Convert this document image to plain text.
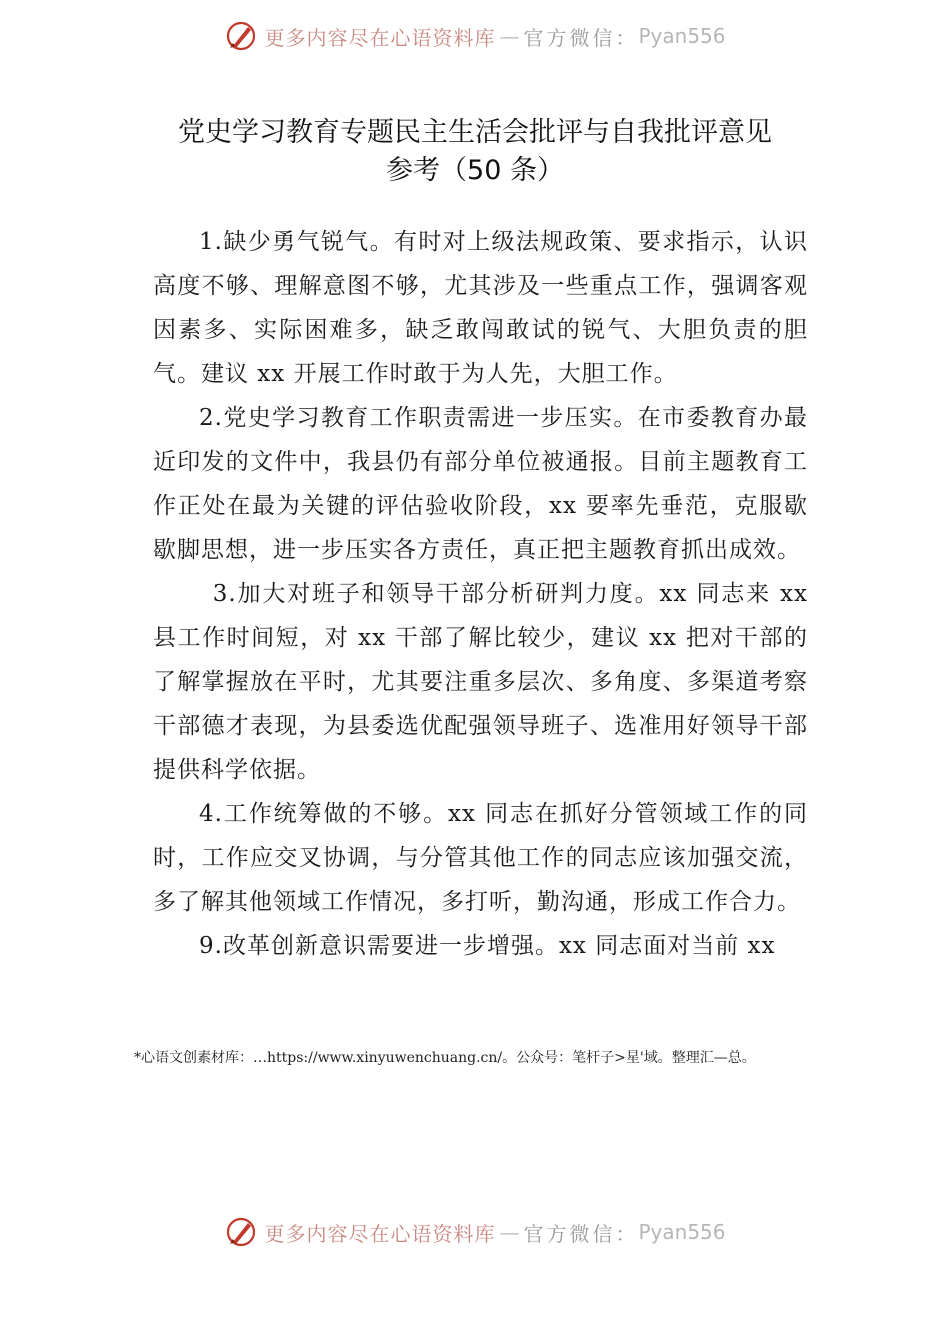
更多内容尽在心语资料库 — 官方微信： Pyan556
党史学习教育专题民主生活会批评与自我批评意见
参考（50 条）

1.缺少勇气锐气。有时对上级法规政策、要求指示，认识高度不够、理解意图不够，尤其涉及一些重点工作，强调客观因素多、实际困难多，缺乏敢闯敢试的锐气、大胆负责的胆气。建议 xx 开展工作时敢于为人先，大胆工作。

2.党史学习教育工作职责需进一步压实。在市委教育办最近印发的文件中，我县仍有部分单位被通报。目前主题教育工作正处在最为关键的评估验收阶段，xx 要率先垂范，克服歇歇脚思想，进一步压实各方责任，真正把主题教育抓出成效。

3.加大对班子和领导干部分析研判力度。xx 同志来 xx 县工作时间短，对 xx 干部了解比较少，建议 xx 把对干部的了解掌握放在平时，尤其要注重多层次、多角度、多渠道考察干部德才表现，为县委选优配强领导班子、选准用好领导干部提供科学依据。

4.工作统筹做的不够。xx 同志在抓好分管领域工作的同时，工作应交叉协调，与分管其他工作的同志应该加强交流，多了解其他领域工作情况，多打听，勤沟通，形成工作合力。

9.改革创新意识需要进一步增强。xx 同志面对当前 xx

*心语文创素材库：…https://www.xinyuwenchuang.cn/。公众号：笔杆子>星'域。整理汇—总。
更多内容尽在心语资料库 — 官方微信： Pyan556
